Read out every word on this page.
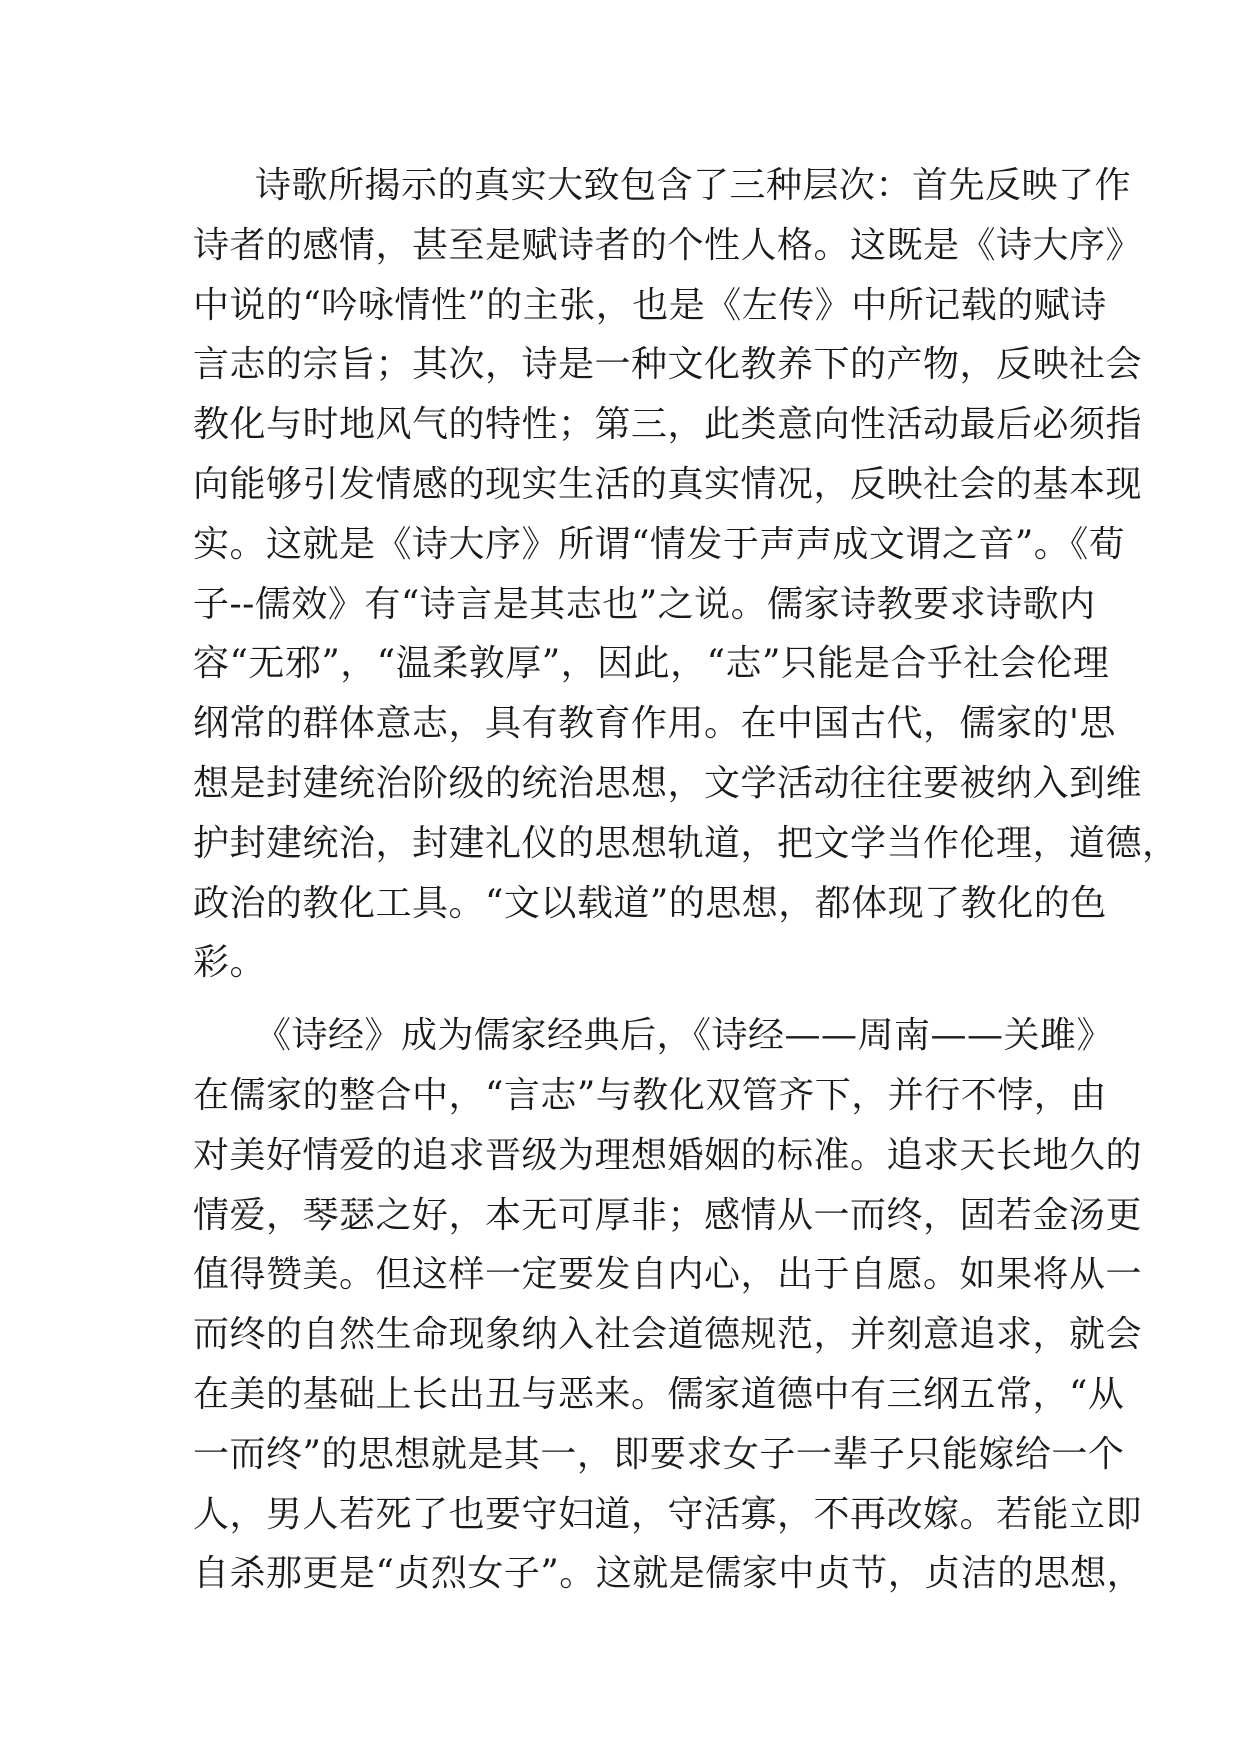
诗歌所揭示的真实大致包含了三种层次：首先反映了作
诗者的感情，甚至是赋诗者的个性人格。这既是《诗大序》
中说的“吟咏情性”的主张，也是《左传》中所记载的赋诗
言志的宗旨；其次，诗是一种文化教养下的产物，反映社会
教化与时地风气的特性；第三，此类意向性活动最后必须指
向能够引发情感的现实生活的真实情况，反映社会的基本现
实。这就是《诗大序》所谓“情发于声声成文谓之音”。《荀
子--儒效》有“诗言是其志也”之说。儒家诗教要求诗歌内
容“无邪”，“温柔敦厚”，因此，“志”只能是合乎社会伦理
纲常的群体意志，具有教育作用。在中国古代，儒家的'思
想是封建统治阶级的统治思想，文学活动往往要被纳入到维
护封建统治，封建礼仪的思想轨道，把文学当作伦理，道德，
政治的教化工具。“文以载道”的思想，都体现了教化的色
彩。
《诗经》成为儒家经典后，《诗经——周南——关雎》
在儒家的整合中，“言志”与教化双管齐下，并行不悖，由
对美好情爱的追求晋级为理想婚姻的标准。追求天长地久的
情爱，琴瑟之好，本无可厚非；感情从一而终，固若金汤更
值得赞美。但这样一定要发自内心，出于自愿。如果将从一
而终的自然生命现象纳入社会道德规范，并刻意追求，就会
在美的基础上长出丑与恶来。儒家道德中有三纲五常，“从
一而终”的思想就是其一，即要求女子一辈子只能嫁给一个
人，男人若死了也要守妇道，守活寡，不再改嫁。若能立即
自杀那更是“贞烈女子”。这就是儒家中贞节，贞洁的思想，
